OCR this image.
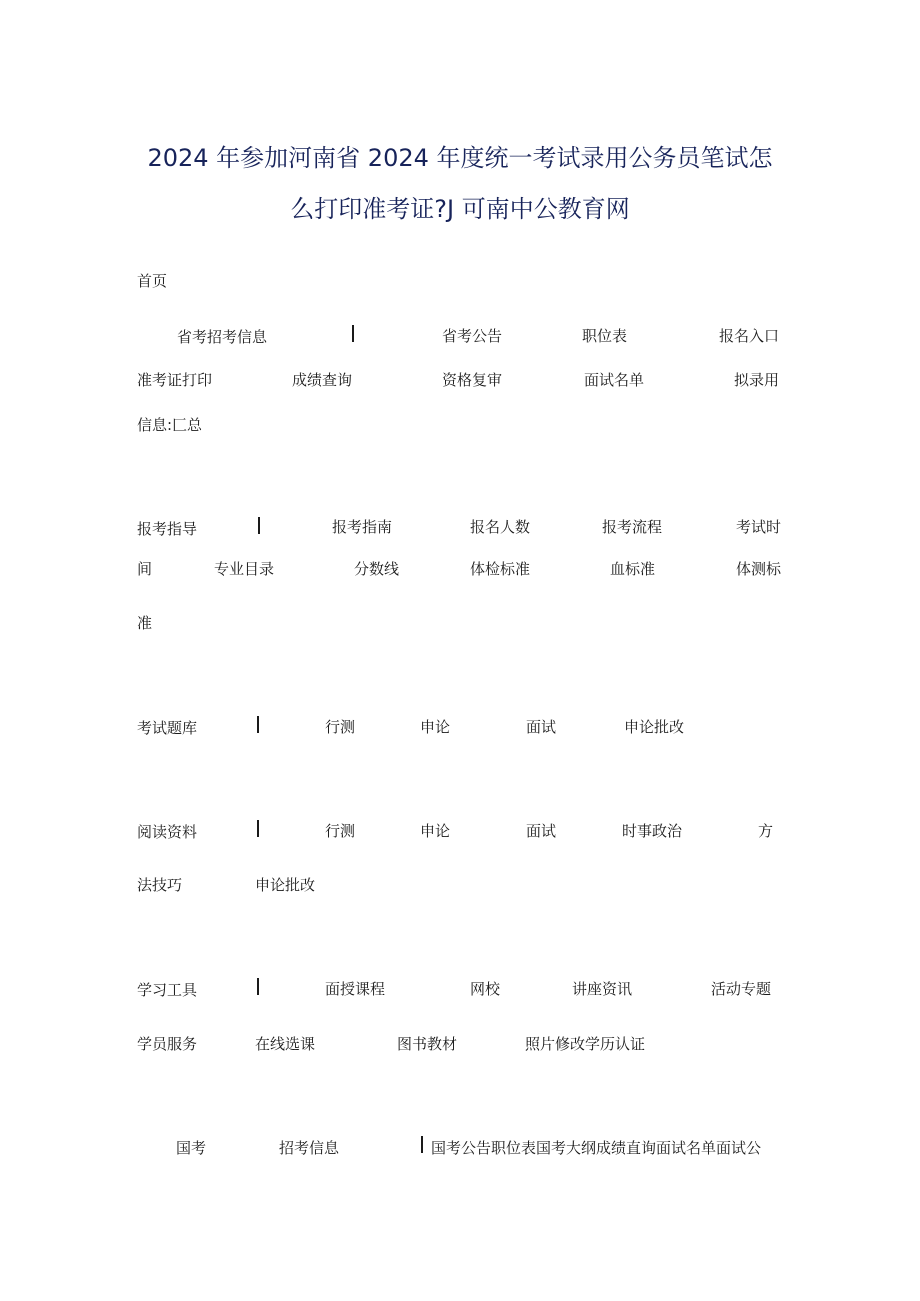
2024 年参加河南省 2024 年度统一考试录用公务员笔试怎
么打印准考证?J 可南中公教育网
首页
省考招考信息	省考公告	职位表	报名入口
准考证打印	成绩查询	资格复审	面试名单	拟录用
信息:匚总
报考指导	报考指南	报名人数	报考流程	考试时
间	专业目录	分数线	体检标准	血标准	体测标
准
考试题库	行测	申论	面试	申论批改
阅读资料	行测	申论	面试	时事政治	方
法技巧	申论批改
学习工具	面授课程	网校	讲座资讯	活动专题
学员服务	在线选课	图书教材	照片修改学历认证
国考	招考信息	国考公告职位表国考大纲成绩直询面试名单面试公
